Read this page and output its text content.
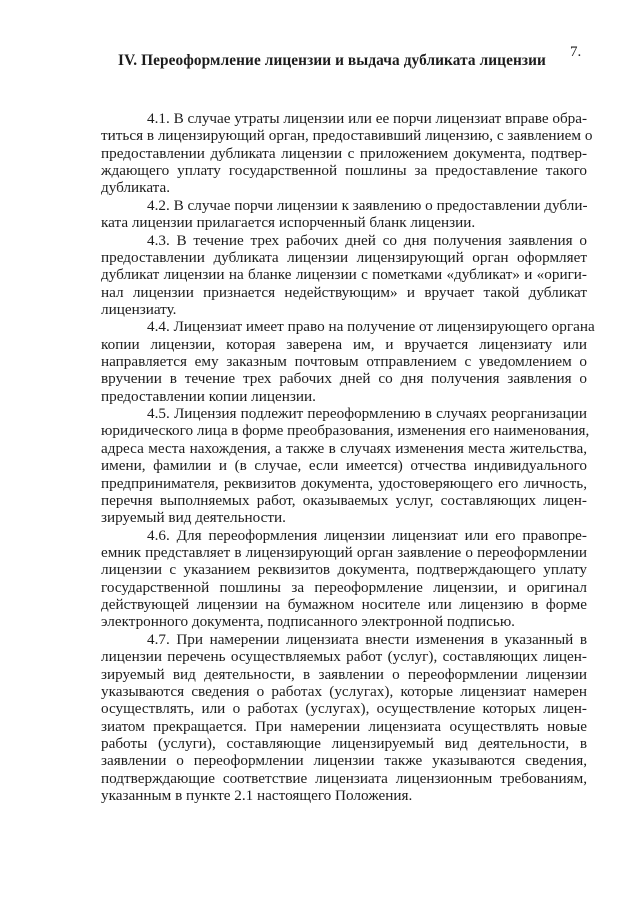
7.
IV. Переоформление лицензии и выдача дубликата лицензии
4.1. В случае утраты лицензии или ее порчи лицензиат вправе обра-
титься в лицензирующий орган, предоставивший лицензию, с заявлением о
предоставлении дубликата лицензии с приложением документа, подтвер-
ждающего уплату государственной пошлины за предоставление такого
дубликата.
4.2. В случае порчи лицензии к заявлению о предоставлении дубли-
ката лицензии прилагается испорченный бланк лицензии.
4.3. В течение трех рабочих дней со дня получения заявления о
предоставлении дубликата лицензии лицензирующий орган оформляет
дубликат лицензии на бланке лицензии с пометками «дубликат» и «ориги-
нал лицензии признается недействующим» и вручает такой дубликат
лицензиату.
4.4. Лицензиат имеет право на получение от лицензирующего органа
копии лицензии, которая заверена им, и вручается лицензиату или
направляется ему заказным почтовым отправлением с уведомлением о
вручении в течение трех рабочих дней со дня получения заявления о
предоставлении копии лицензии.
4.5. Лицензия подлежит переоформлению в случаях реорганизации
юридического лица в форме преобразования, изменения его наименования,
адреса места нахождения, а также в случаях изменения места жительства,
имени, фамилии и (в случае, если имеется) отчества индивидуального
предпринимателя, реквизитов документа, удостоверяющего его личность,
перечня выполняемых работ, оказываемых услуг, составляющих лицен-
зируемый вид деятельности.
4.6. Для переоформления лицензии лицензиат или его правопре-
емник представляет в лицензирующий орган заявление о переоформлении
лицензии с указанием реквизитов документа, подтверждающего уплату
государственной пошлины за переоформление лицензии, и оригинал
действующей лицензии на бумажном носителе или лицензию в форме
электронного документа, подписанного электронной подписью.
4.7. При намерении лицензиата внести изменения в указанный в
лицензии перечень осуществляемых работ (услуг), составляющих лицен-
зируемый вид деятельности, в заявлении о переоформлении лицензии
указываются сведения о работах (услугах), которые лицензиат намерен
осуществлять, или о работах (услугах), осуществление которых лицен-
зиатом прекращается. При намерении лицензиата осуществлять новые
работы (услуги), составляющие лицензируемый вид деятельности, в
заявлении о переоформлении лицензии также указываются сведения,
подтверждающие соответствие лицензиата лицензионным требованиям,
указанным в пункте 2.1 настоящего Положения.
